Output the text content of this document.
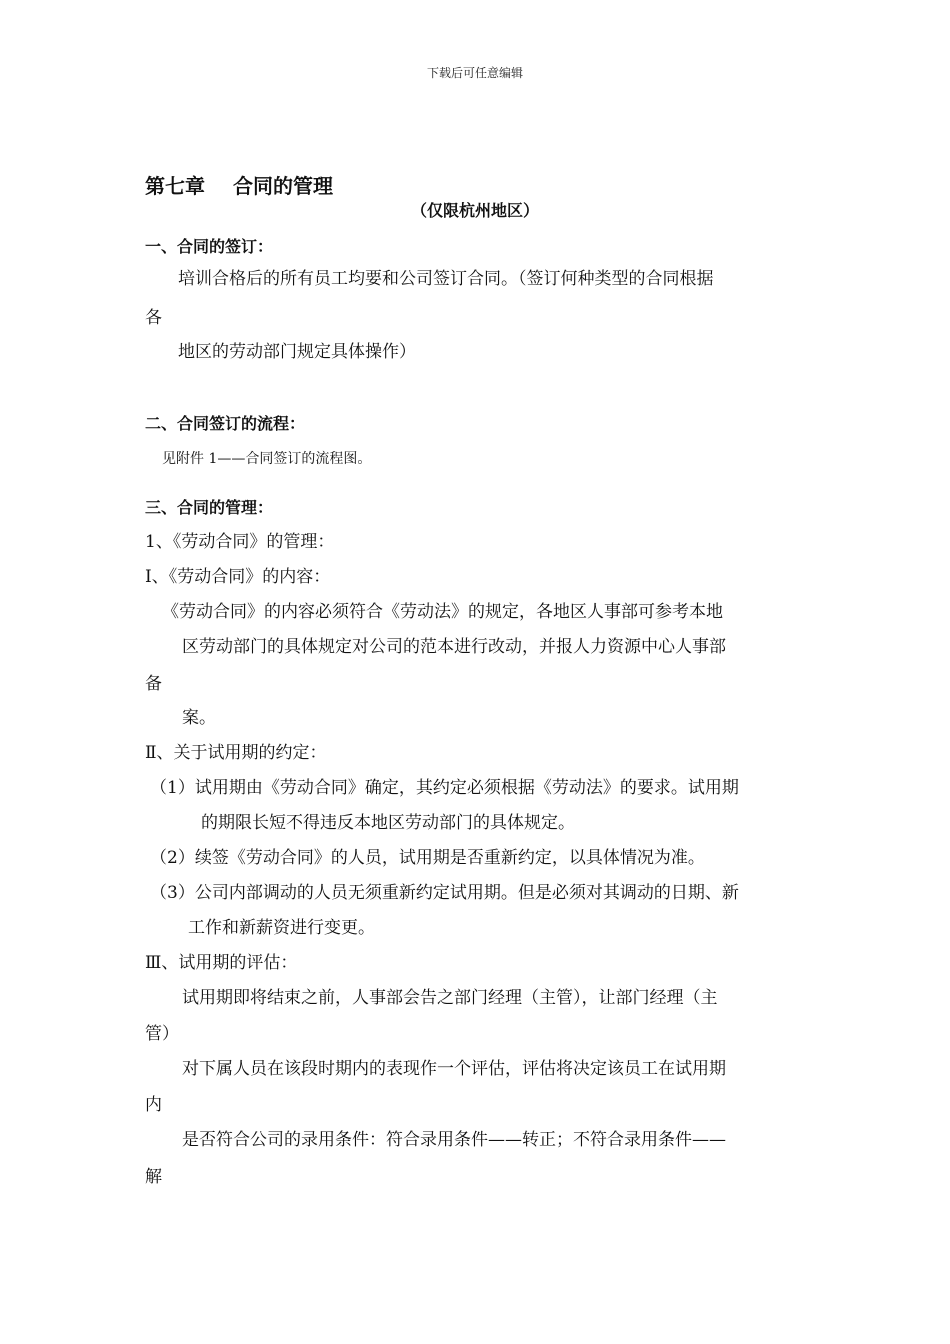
下载后可任意编辑
第七章 合同的管理
（仅限杭州地区）
一、合同的签订：
培训合格后的所有员工均要和公司签订合同。（签订何种类型的合同根据
各
地区的劳动部门规定具体操作）
二、合同签订的流程：
见附件 1——合同签订的流程图。
三、合同的管理：
1、《劳动合同》的管理：
Ⅰ、《劳动合同》的内容：
《劳动合同》的内容必须符合《劳动法》的规定，各地区人事部可参考本地
区劳动部门的具体规定对公司的范本进行改动，并报人力资源中心人事部
备
案。
Ⅱ、关于试用期的约定：
（1）试用期由《劳动合同》确定，其约定必须根据《劳动法》的要求。试用期
的期限长短不得违反本地区劳动部门的具体规定。
（2）续签《劳动合同》的人员，试用期是否重新约定，以具体情况为准。
（3）公司内部调动的人员无须重新约定试用期。但是必须对其调动的日期、新
工作和新薪资进行变更。
Ⅲ、试用期的评估：
试用期即将结束之前，人事部会告之部门经理（主管），让部门经理（主
管）
对下属人员在该段时期内的表现作一个评估，评估将决定该员工在试用期
内
是否符合公司的录用条件：符合录用条件——转正；不符合录用条件——
解
